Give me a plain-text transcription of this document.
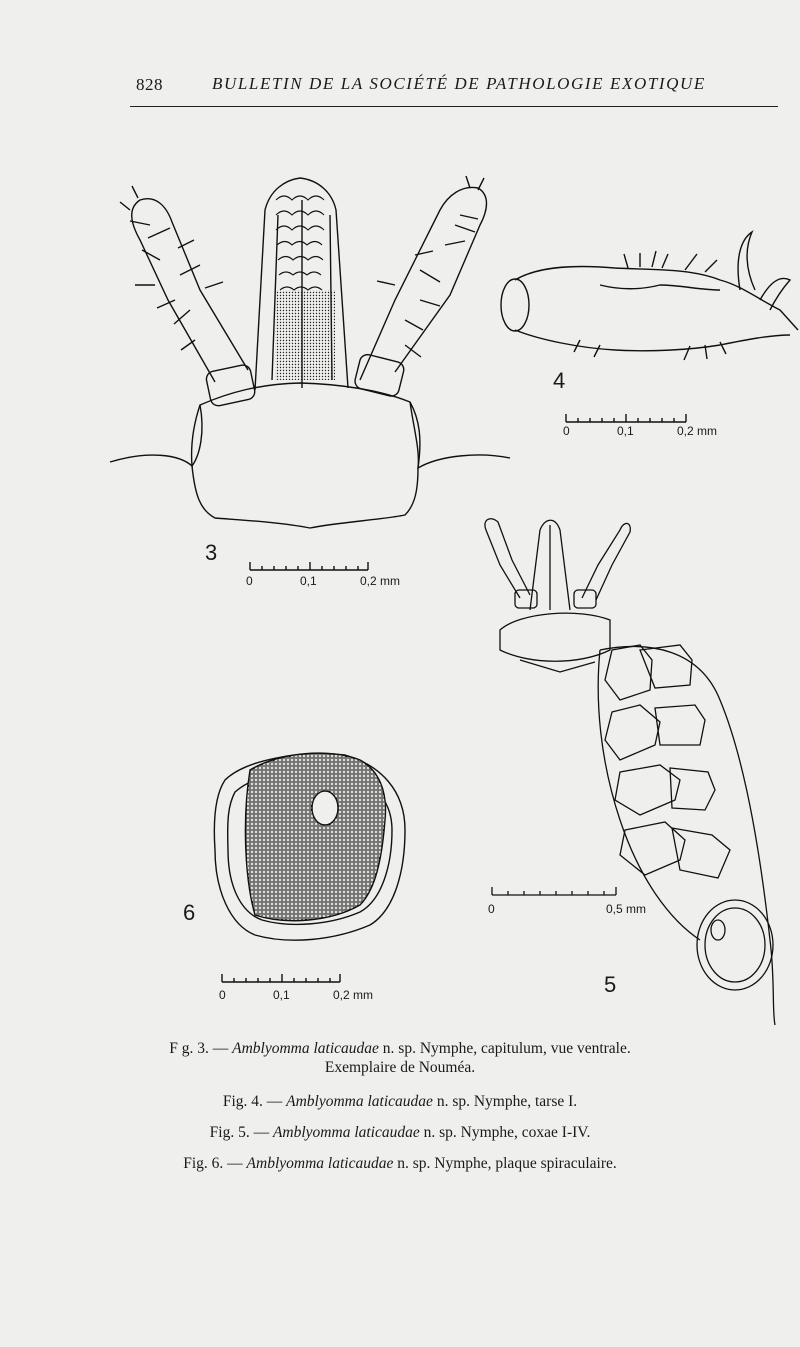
828	BULLETIN DE LA SOCIÉTÉ DE PATHOLOGIE EXOTIQUE
3
4
5
6
0	0,1	0,2 mm
0	0,1	0,2 mm
0	0,5 mm
0	0,1	0,2 mm
F g. 3. — Amblyomma laticaudae n. sp. Nymphe, capitulum, vue ventrale.
Exemplaire de Nouméa.
Fig. 4. — Amblyomma laticaudae n. sp. Nymphe, tarse I.
Fig. 5. — Amblyomma laticaudae n. sp. Nymphe, coxae I-IV.
Fig. 6. — Amblyomma laticaudae n. sp. Nymphe, plaque spiraculaire.
